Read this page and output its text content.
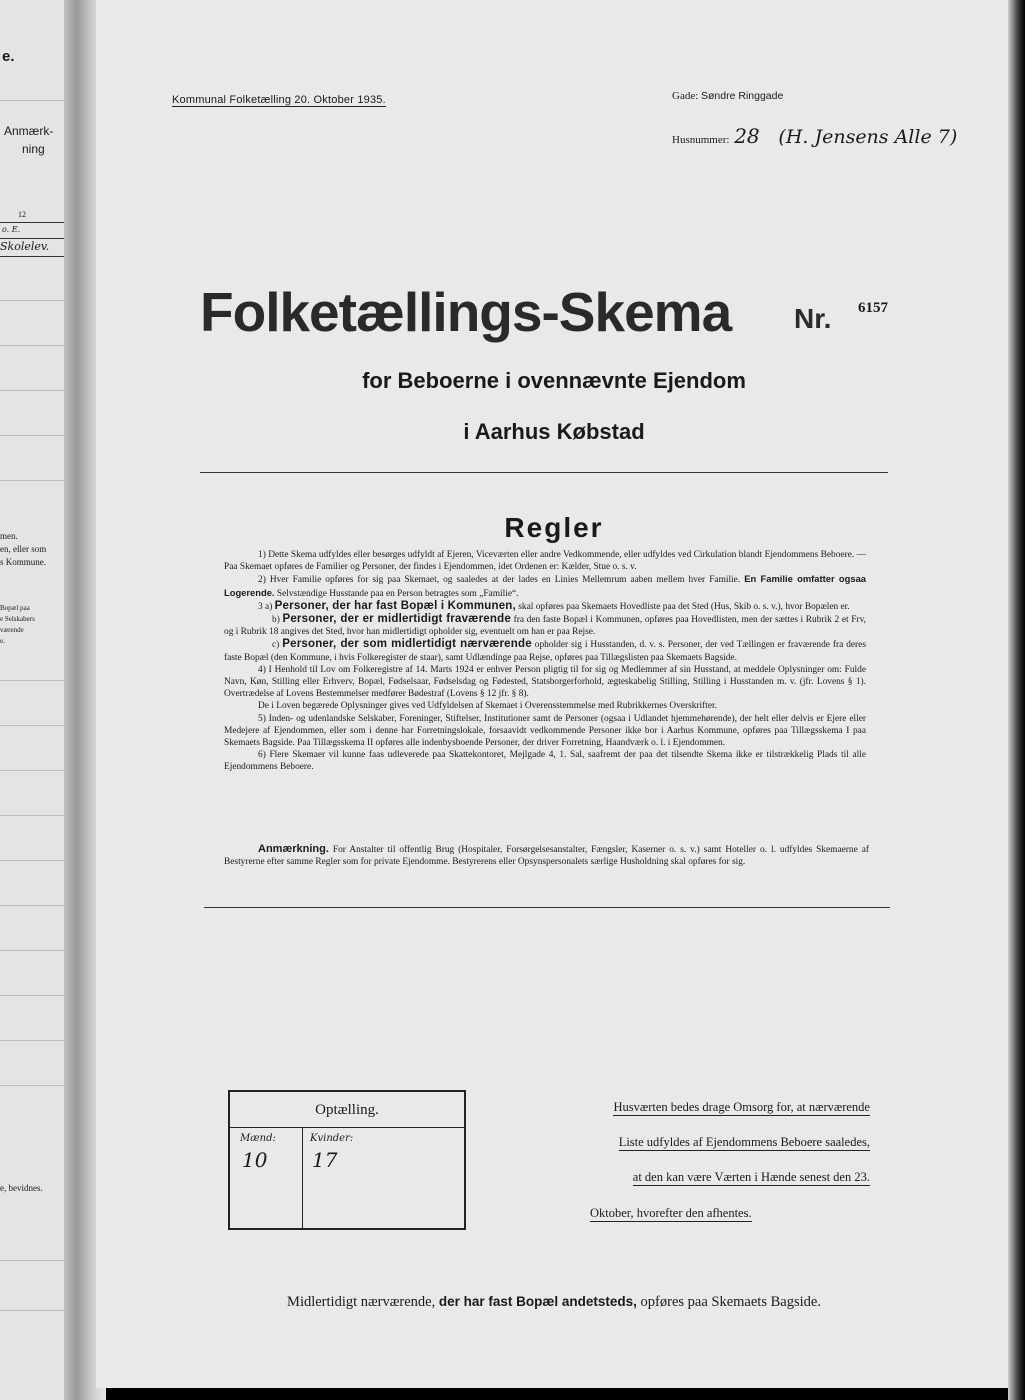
e.
Anmærk-
ning
12
o. E.
Skolelev.
men.
en, eller som
s Kommune.
Bopæl paa
e Selskabers
værende
e.
e, bevidnes.
Kommunal Folketælling 20. Oktober 1935.	Gade: Søndre Ringgade
Husnummer: 28 (H. Jensens Alle 7)
Folketællings-Skema Nr. 6157
for Beboerne i ovennævnte Ejendom
i Aarhus Købstad
Regler

1) Dette Skema udfyldes eller besørges udfyldt af Ejeren, Viceværten eller andre Vedkommende, eller udfyldes ved Cirkulation blandt Ejendommens Beboere. — Paa Skemaet opføres de Familier og Personer, der findes i Ejendommen, idet Ordenen er: Kælder, Stue o. s. v.

2) Hver Familie opføres for sig paa Skemaet, og saaledes at der lades en Linies Mellemrum aaben mellem hver Familie. En Familie omfatter ogsaa Logerende. Selvstændige Husstande paa en Person betragtes som „Familie“.

3 a) Personer, der har fast Bopæl i Kommunen, skal opføres paa Skemaets Hovedliste paa det Sted (Hus, Skib o. s. v.), hvor Bopælen er.

b) Personer, der er midlertidigt fraværende fra den faste Bopæl i Kommunen, opføres paa Hovedlisten, men der sættes i Rubrik 2 et Frv, og i Rubrik 18 angives det Sted, hvor han midlertidigt opholder sig, eventuelt om han er paa Rejse.

c) Personer, der som midlertidigt nærværende opholder sig i Husstanden, d. v. s. Personer, der ved Tællingen er fraværende fra deres faste Bopæl (den Kommune, i hvis Folkeregister de staar), samt Udlændinge paa Rejse, opføres paa Tillægslisten paa Skemaets Bagside.

4) I Henhold til Lov om Folkeregistre af 14. Marts 1924 er enhver Person pligtig til for sig og Medlemmer af sin Husstand, at meddele Oplysninger om: Fulde Navn, Køn, Stilling eller Erhverv, Bopæl, Fødselsaar, Fødselsdag og Fødested, Statsborgerforhold, ægteskabelig Stilling, Stilling i Husstanden m. v. (jfr. Lovens § 1). Overtrædelse af Lovens Bestemmelser medfører Bødestraf (Lovens § 12 jfr. § 8).

De i Loven begærede Oplysninger gives ved Udfyldelsen af Skemaet i Overensstemmelse med Rubrikkernes Overskrifter.

5) Inden- og udenlandske Selskaber, Foreninger, Stiftelser, Institutioner samt de Personer (ogsaa i Udlandet hjemmehørende), der helt eller delvis er Ejere eller Medejere af Ejendommen, eller som i denne har Forretningslokale, forsaavidt vedkommende Personer ikke bor i Aarhus Kommune, opføres paa Tillægsskema I paa Skemaets Bagside. Paa Tillægsskema II opføres alle indenbysboende Personer, der driver Forretning, Haandværk o. l. i Ejendommen.

6) Flere Skemaer vil kunne faas udleverede paa Skattekontoret, Mejlgade 4, 1. Sal, saafremt der paa det tilsendte Skema ikke er tilstrækkelig Plads til alle Ejendommens Beboere.

Anmærkning. For Anstalter til offentlig Brug (Hospitaler, Forsørgelsesanstalter, Fængsler, Kaserner o. s. v.) samt Hoteller o. l. udfyldes Skemaerne af Bestyrerne efter samme Regler som for private Ejendomme. Bestyrerens eller Opsynspersonalets særlige Husholdning skal opføres for sig.
Optælling.
Mænd:	Kvinder:
10 17
Husværten bedes drage Omsorg for, at nærværende
Liste udfyldes af Ejendommens Beboere saaledes,
at den kan være Værten i Hænde senest den 23.
Oktober, hvorefter den afhentes.
Midlertidigt nærværende, der har fast Bopæl andetsteds, opføres paa Skemaets Bagside.
